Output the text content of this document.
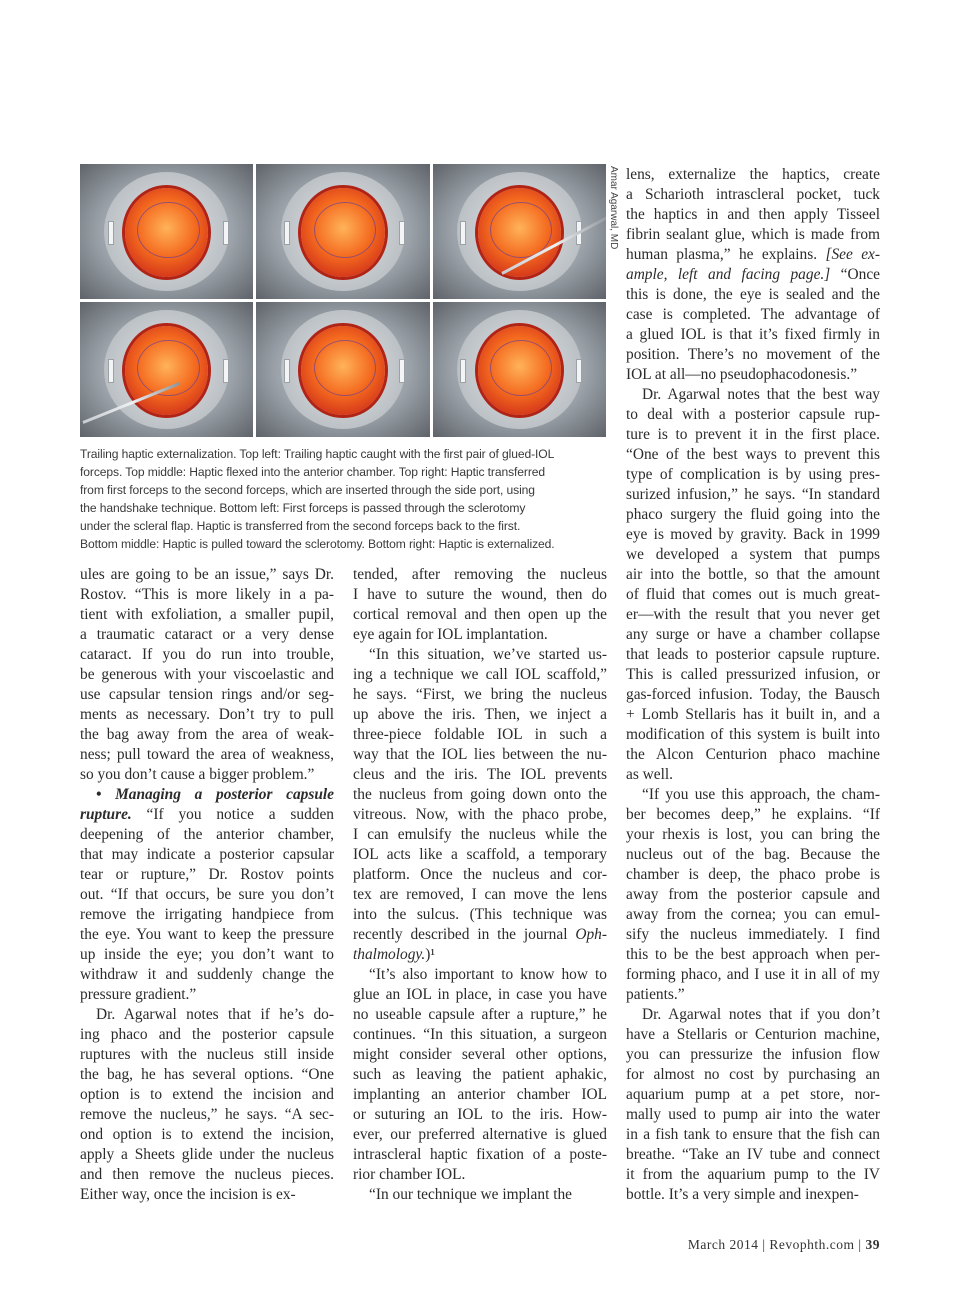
Amar Agarwal, MD

Trailing haptic externalization. Top left: Trailing haptic caught with the first pair of glued-IOL

forceps. Top middle: Haptic flexed into the anterior chamber. Top right: Haptic transferred

from first forceps to the second forceps, which are inserted through the side port, using

the handshake technique. Bottom left: First forceps is passed through the sclerotomy

under the scleral flap. Haptic is transferred from the second forceps back to the first.

Bottom middle: Haptic is pulled toward the sclerotomy. Bottom right: Haptic is externalized.

ules are going to be an issue,” says Dr.
Rostov. “This is more likely in a pa-
tient with exfoliation, a smaller pupil,
a traumatic cataract or a very dense
cataract. If you do run into trouble,
be generous with your viscoelastic and
use capsular tension rings and/or seg-
ments as necessary. Don’t try to pull
the bag away from the area of weak-
ness; pull toward the area of weakness,
so you don’t cause a bigger problem.”
• Managing a posterior capsule
rupture. “If you notice a sudden
deepening of the anterior chamber,
that may indicate a posterior capsular
tear or rupture,” Dr. Rostov points
out. “If that occurs, be sure you don’t
remove the irrigating handpiece from
the eye. You want to keep the pressure
up inside the eye; you don’t want to
withdraw it and suddenly change the
pressure gradient.”
Dr. Agarwal notes that if he’s do-
ing phaco and the posterior capsule
ruptures with the nucleus still inside
the bag, he has several options. “One
option is to extend the incision and
remove the nucleus,” he says. “A sec-
ond option is to extend the incision,
apply a Sheets glide under the nucleus
and then remove the nucleus pieces.
Either way, once the incision is ex-
tended, after removing the nucleus
I have to suture the wound, then do
cortical removal and then open up the
eye again for IOL implantation.
“In this situation, we’ve started us-
ing a technique we call IOL scaffold,”
he says. “First, we bring the nucleus
up above the iris. Then, we inject a
three-piece foldable IOL in such a
way that the IOL lies between the nu-
cleus and the iris. The IOL prevents
the nucleus from going down onto the
vitreous. Now, with the phaco probe,
I can emulsify the nucleus while the
IOL acts like a scaffold, a temporary
platform. Once the nucleus and cor-
tex are removed, I can move the lens
into the sulcus. (This technique was
recently described in the journal Oph-
thalmology.)¹
“It’s also important to know how to
glue an IOL in place, in case you have
no useable capsule after a rupture,” he
continues. “In this situation, a surgeon
might consider several other options,
such as leaving the patient aphakic,
implanting an anterior chamber IOL
or suturing an IOL to the iris. How-
ever, our preferred alternative is glued
intrascleral haptic fixation of a poste-
rior chamber IOL.
“In our technique we implant the
lens, externalize the haptics, create
a Scharioth intrascleral pocket, tuck
the haptics in and then apply Tisseel
fibrin sealant glue, which is made from
human plasma,” he explains. [See ex-
ample, left and facing page.] “Once
this is done, the eye is sealed and the
case is completed. The advantage of
a glued IOL is that it’s fixed firmly in
position. There’s no movement of the
IOL at all—no pseudophacodonesis.”
Dr. Agarwal notes that the best way
to deal with a posterior capsule rup-
ture is to prevent it in the first place.
“One of the best ways to prevent this
type of complication is by using pres-
surized infusion,” he says. “In standard
phaco surgery the fluid going into the
eye is moved by gravity. Back in 1999
we developed a system that pumps
air into the bottle, so that the amount
of fluid that comes out is much great-
er—with the result that you never get
any surge or have a chamber collapse
that leads to posterior capsule rupture.
This is called pressurized infusion, or
gas-forced infusion. Today, the Bausch
+ Lomb Stellaris has it built in, and a
modification of this system is built into
the Alcon Centurion phaco machine
as well.
“If you use this approach, the cham-
ber becomes deep,” he explains. “If
your rhexis is lost, you can bring the
nucleus out of the bag. Because the
chamber is deep, the phaco probe is
away from the posterior capsule and
away from the cornea; you can emul-
sify the nucleus immediately. I find
this to be the best approach when per-
forming phaco, and I use it in all of my
patients.”
Dr. Agarwal notes that if you don’t
have a Stellaris or Centurion machine,
you can pressurize the infusion flow
for almost no cost by purchasing an
aquarium pump at a pet store, nor-
mally used to pump air into the water
in a fish tank to ensure that the fish can
breathe. “Take an IV tube and connect
it from the aquarium pump to the IV
bottle. It’s a very simple and inexpen-
March 2014 | Revophth.com | 39
